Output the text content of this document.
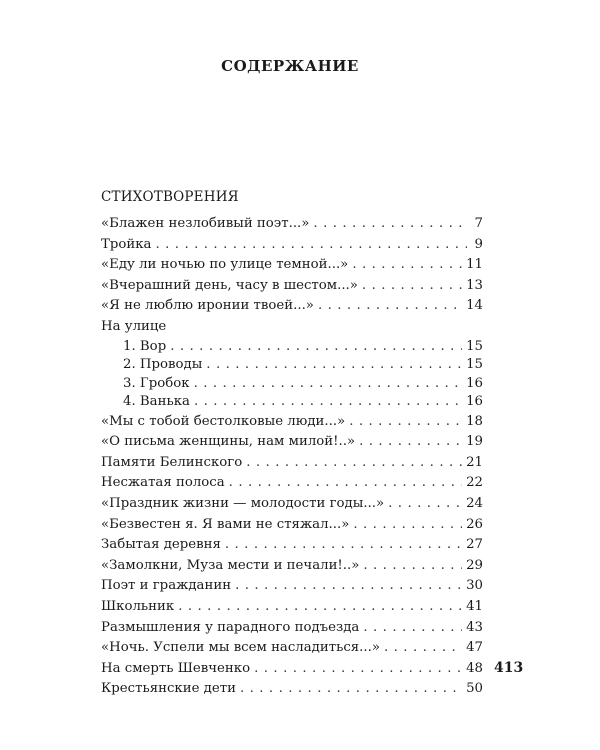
СОДЕРЖАНИЕ
СТИХОТВОРЕНИЯ
«Блажен незлобивый поэт...» . . .	7
Тройка . . .	9
«Еду ли ночью по улице темной...» . . .	11
«Вчерашний день, часу в шестом...» . . .	13
«Я не люблю иронии твоей...» . . .	14
На улице
1. Вор . . .	15
2. Проводы . . .	15
3. Гробок . . .	16
4. Ванька . . .	16
«Мы с тобой бестолковые люди...» . . .	18
«О письма женщины, нам милой!..» . . .	19
Памяти Белинского . . .	21
Несжатая полоса . . .	22
«Праздник жизни — молодости годы...» . . .	24
«Безвестен я. Я вами не стяжал...» . . .	26
Забытая деревня . . .	27
«Замолкни, Муза мести и печали!..» . . .	29
Поэт и гражданин . . .	30
Школьник . . .	41
Размышления у парадного подъезда . . .	43
«Ночь. Успели мы всем насладиться...» . . .	47
На смерть Шевченко . . .	48
Крестьянские дети . . .	50
413
